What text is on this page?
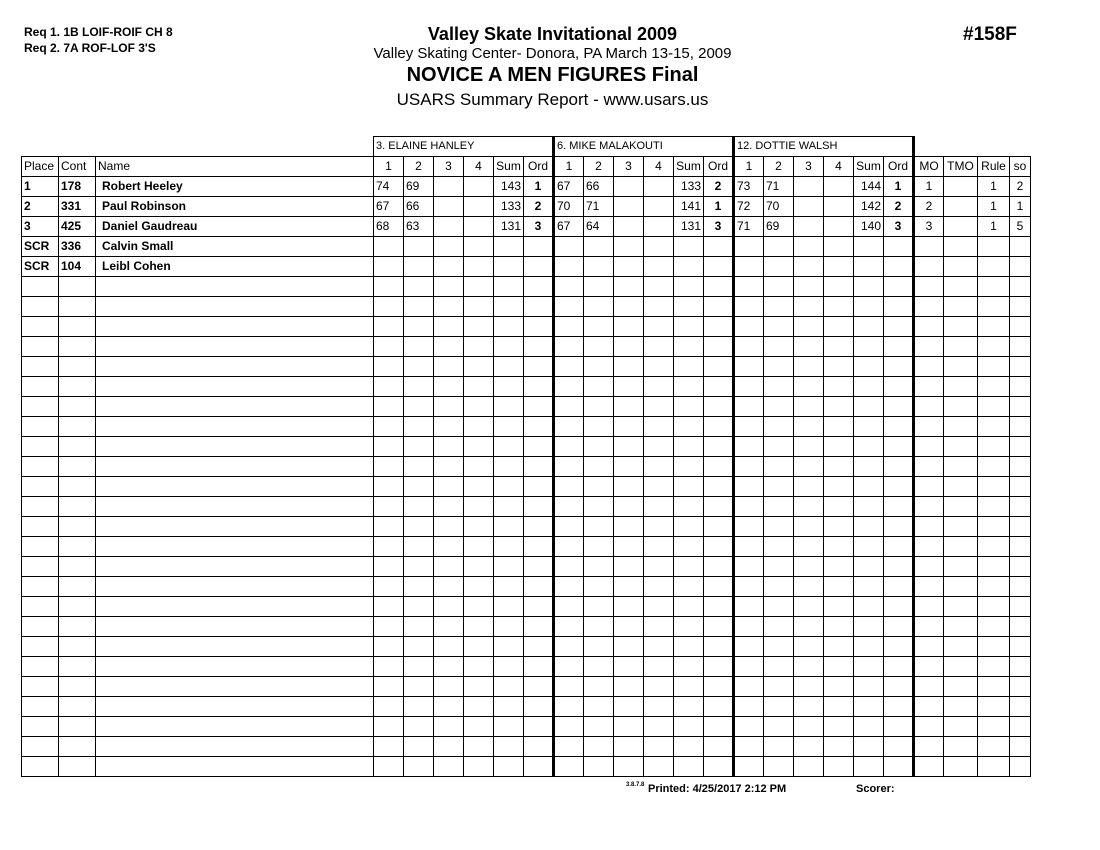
Req 1. 1B LOIF-ROIF CH 8
Req 2. 7A ROF-LOF 3'S
Valley Skate Invitational 2009
Valley Skating Center- Donora, PA March 13-15, 2009
NOVICE A MEN FIGURES Final
USARS Summary Report - www.usars.us
#158F
			3. ELAINE HANLEY						6. MIKE MALAKOUTI						12. DOTTIE WALSH									
Place	Cont	Name	1	2	3	4	Sum	Ord	1	2	3	4	Sum	Ord	1	2	3	4	Sum	Ord	MO	TMO	Rule	so
1	178	Robert Heeley	74	69			143	1	67	66			133	2	73	71			144	1	1		1	2
2	331	Paul Robinson	67	66			133	2	70	71			141	1	72	70			142	2	2		1	1
3	425	Daniel Gaudreau	68	63			131	3	67	64			131	3	71	69			140	3	3		1	5
SCR	336	Calvin Small																						
SCR	104	Leibl Cohen																						

3.8.7.8 Printed: 4/25/2017 2:12 PM	Scorer:
